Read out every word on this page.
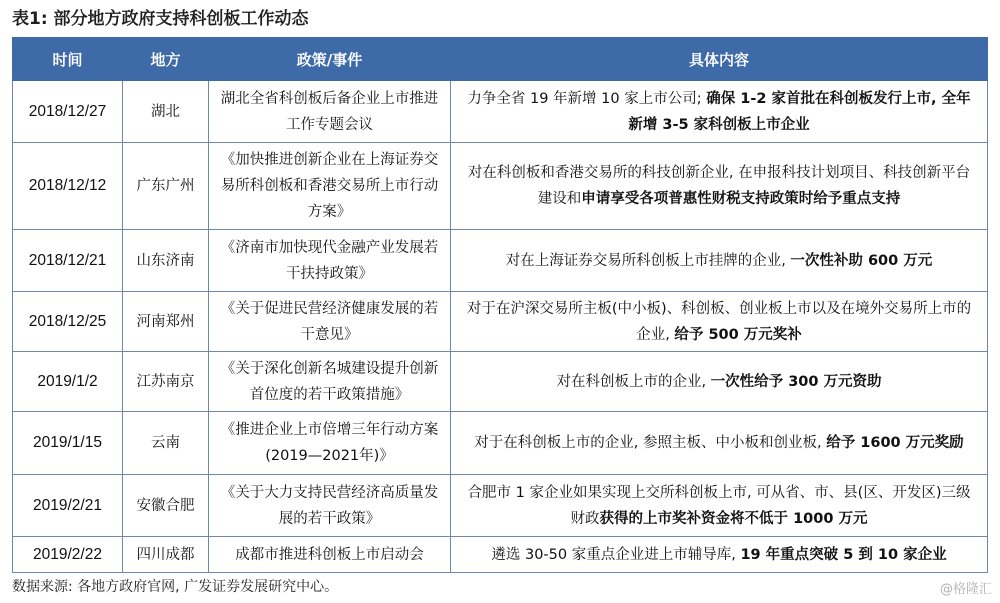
表1: 部分地方政府支持科创板工作动态
时间	地方	政策/事件	具体内容
2018/12/27	湖北	湖北全省科创板后备企业上市推进工作专题会议	力争全省 19 年新增 10 家上市公司; 确保 1-2 家首批在科创板发行上市, 全年新增 3-5 家科创板上市企业
2018/12/12	广东广州	《加快推进创新企业在上海证券交易所科创板和香港交易所上市行动方案》	对在科创板和香港交易所的科技创新企业, 在申报科技计划项目、科技创新平台建设和申请享受各项普惠性财税支持政策时给予重点支持
2018/12/21	山东济南	《济南市加快现代金融产业发展若干扶持政策》	对在上海证券交易所科创板上市挂牌的企业, 一次性补助 600 万元
2018/12/25	河南郑州	《关于促进民营经济健康发展的若干意见》	对于在沪深交易所主板(中小板)、科创板、创业板上市以及在境外交易所上市的企业, 给予 500 万元奖补
2019/1/2	江苏南京	《关于深化创新名城建设提升创新首位度的若干政策措施》	对在科创板上市的企业, 一次性给予 300 万元资助
2019/1/15	云南	《推进企业上市倍增三年行动方案(2019—2021年)》	对于在科创板上市的企业, 参照主板、中小板和创业板, 给予 1600 万元奖励
2019/2/21	安徽合肥	《关于大力支持民营经济高质量发展的若干政策》	合肥市 1 家企业如果实现上交所科创板上市, 可从省、市、县(区、开发区)三级财政获得的上市奖补资金将不低于 1000 万元
2019/2/22	四川成都	成都市推进科创板上市启动会	遴选 30-50 家重点企业进上市辅导库, 19 年重点突破 5 到 10 家企业
数据来源: 各地方政府官网, 广发证券发展研究中心。	@格隆汇
